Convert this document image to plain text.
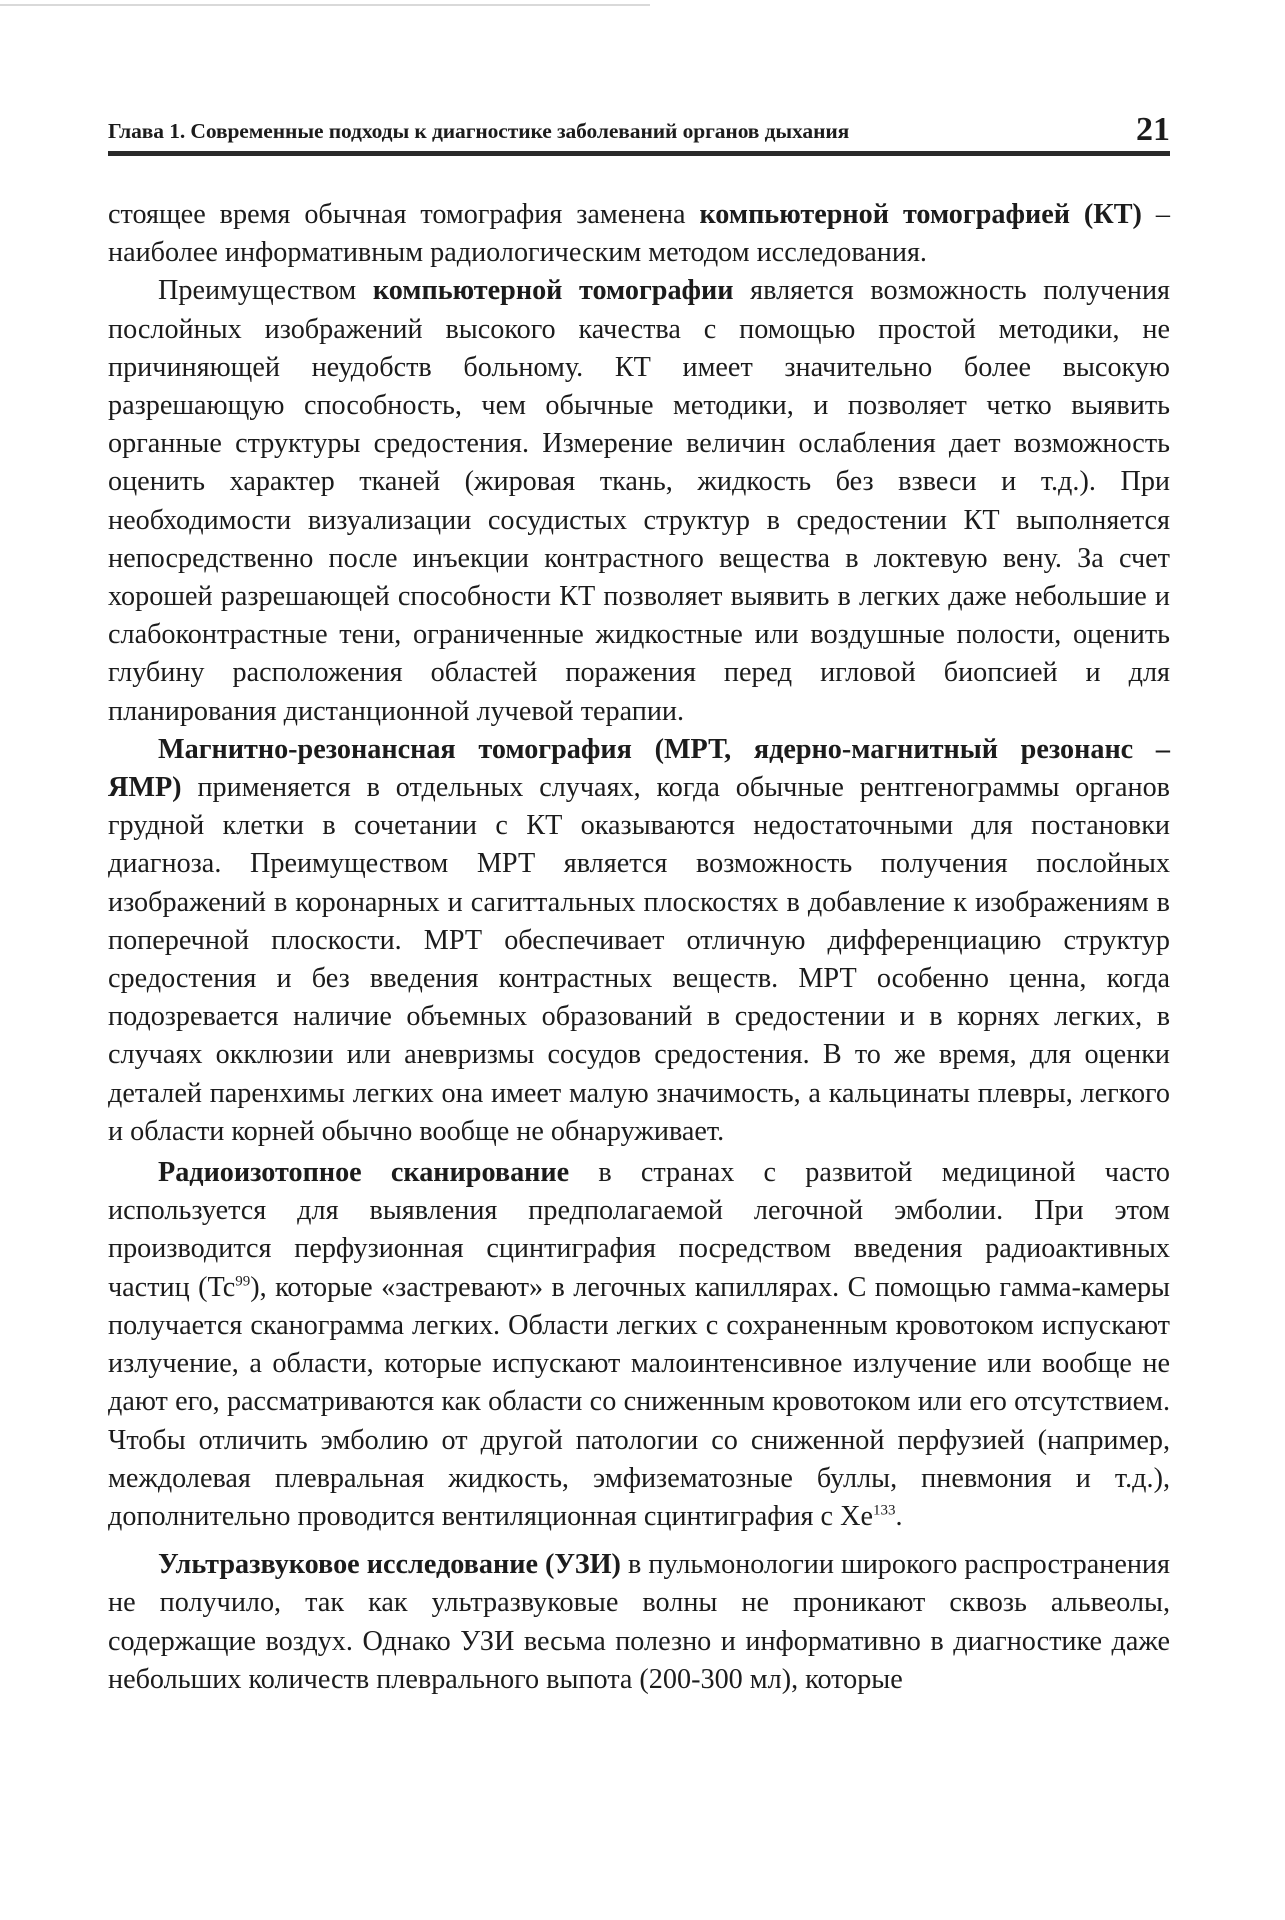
Глава 1. Современные подходы к диагностике заболеваний органов дыхания	21

стоящее время обычная томография заменена компьютерной томографией (КТ) – наиболее информативным радиологическим методом исследования.

Преимуществом компьютерной томографии является возможность получения послойных изображений высокого качества с помощью простой методики, не причиняющей неудобств больному. КТ имеет значительно более высокую разрешающую способность, чем обычные методики, и позволяет четко выявить органные структуры средостения. Измерение величин ослабления дает возможность оценить характер тканей (жировая ткань, жидкость без взвеси и т.д.). При необходимости визуализации сосудистых структур в средостении КТ выполняется непосредственно после инъекции контрастного вещества в локтевую вену. За счет хорошей разрешающей способности КТ позволяет выявить в легких даже небольшие и слабоконтрастные тени, ограниченные жидкостные или воздушные полости, оценить глубину расположения областей поражения перед игловой биопсией и для планирования дистанционной лучевой терапии.

Магнитно-резонансная томография (МРТ, ядерно-магнитный резонанс – ЯМР) применяется в отдельных случаях, когда обычные рентгенограммы органов грудной клетки в сочетании с КТ оказываются недостаточными для постановки диагноза. Преимуществом МРТ является возможность получения послойных изображений в коронарных и сагиттальных плоскостях в добавление к изображениям в поперечной плоскости. МРТ обеспечивает отличную дифференциацию структур средостения и без введения контрастных веществ. МРТ особенно ценна, когда подозревается наличие объемных образований в средостении и в корнях легких, в случаях окклюзии или аневризмы сосудов средостения. В то же время, для оценки деталей паренхимы легких она имеет малую значимость, а кальцинаты плевры, легкого и области корней обычно вообще не обнаруживает.

Радиоизотопное сканирование в странах с развитой медициной часто используется для выявления предполагаемой легочной эмболии. При этом производится перфузионная сцинтиграфия посредством введения радиоактивных частиц (Tc$^{99}$), которые «застревают» в легочных капиллярах. С помощью гамма-камеры получается сканограмма легких. Области легких с сохраненным кровотоком испускают излучение, а области, которые испускают малоинтенсивное излучение или вообще не дают его, рассматриваются как области со сниженным кровотоком или его отсутствием. Чтобы отличить эмболию от другой патологии со сниженной перфузией (например, междолевая плевральная жидкость, эмфизематозные буллы, пневмония и т.д.), дополнительно проводится вентиляционная сцинтиграфия с Xe$^{133}$.

Ультразвуковое исследование (УЗИ) в пульмонологии широкого распространения не получило, так как ультразвуковые волны не проникают сквозь альвеолы, содержащие воздух. Однако УЗИ весьма полезно и информативно в диагностике даже небольших количеств плеврального выпота (200-300 мл), которые
